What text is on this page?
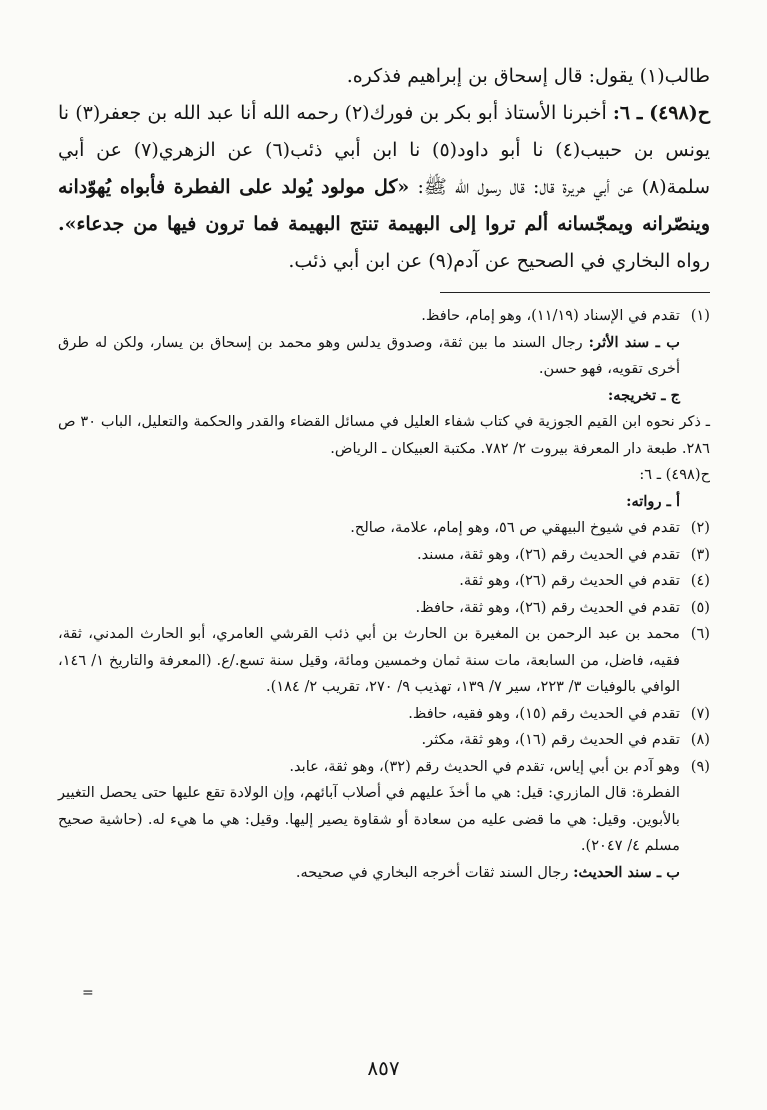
طالب(١) يقول: قال إسحاق بن إبراهيم فذكره.
ح(٤٩٨) ـ ٦: أخبرنا الأستاذ أبو بكر بن فورك(٢) رحمه الله أنا عبد الله بن جعفر(٣) نا يونس بن حبيب(٤) نا أبو داود(٥) نا ابن أبي ذئب(٦) عن الزهري(٧) عن أبي سلمة(٨) عن أبي هريرة قال: قال رسول الله ﷺ: «كل مولود يُولد على الفطرة فأبواه يُهوّدانه وينصّرانه ويمجّسانه ألم تروا إلى البهيمة تنتج البهيمة فما ترون فيها من جدعاء». رواه البخاري في الصحيح عن آدم(٩) عن ابن أبي ذئب.
(١)
تقدم في الإسناد (١١/١٩)، وهو إمام، حافظ.
ب ـ سند الأثر: رجال السند ما بين ثقة، وصدوق يدلس وهو محمد بن إسحاق بن يسار، ولكن له طرق أخرى تقويه، فهو حسن.
ج ـ تخريجه:
ـ ذكر نحوه ابن القيم الجوزية في كتاب شفاء العليل في مسائل القضاء والقدر والحكمة والتعليل، الباب ٣٠ ص ٢٨٦. طبعة دار المعرفة بيروت ٢/ ٧٨٢. مكتبة العبيكان ـ الرياض.
ح(٤٩٨) ـ ٦:
أ ـ رواته:
(٢)
تقدم في شيوخ البيهقي ص ٥٦، وهو إمام، علامة، صالح.
(٣)
تقدم في الحديث رقم (٢٦)، وهو ثقة، مسند.
(٤)
تقدم في الحديث رقم (٢٦)، وهو ثقة.
(٥)
تقدم في الحديث رقم (٢٦)، وهو ثقة، حافظ.
(٦)
محمد بن عبد الرحمن بن المغيرة بن الحارث بن أبي ذئب القرشي العامري، أبو الحارث المدني، ثقة، فقيه، فاضل، من السابعة، مات سنة ثمان وخمسين ومائة، وقيل سنة تسع./ع. (المعرفة والتاريخ ١/ ١٤٦، الوافي بالوفيات ٣/ ٢٢٣، سير ٧/ ١٣٩، تهذيب ٩/ ٢٧٠، تقريب ٢/ ١٨٤).
(٧)
تقدم في الحديث رقم (١٥)، وهو فقيه، حافظ.
(٨)
تقدم في الحديث رقم (١٦)، وهو ثقة، مكثر.
(٩)
وهو آدم بن أبي إياس، تقدم في الحديث رقم (٣٢)، وهو ثقة، عابد.
الفطرة: قال المازري: قيل: هي ما أخذَ عليهم في أصلاب آبائهم، وإن الولادة تقع عليها حتى يحصل التغيير بالأبوين. وقيل: هي ما قضى عليه من سعادة أو شقاوة يصير إليها. وقيل: هي ما هيء له. (حاشية صحيح مسلم ٤/ ٢٠٤٧).
ب ـ سند الحديث: رجال السند ثقات أخرجه البخاري في صحيحه.
=
٨٥٧
